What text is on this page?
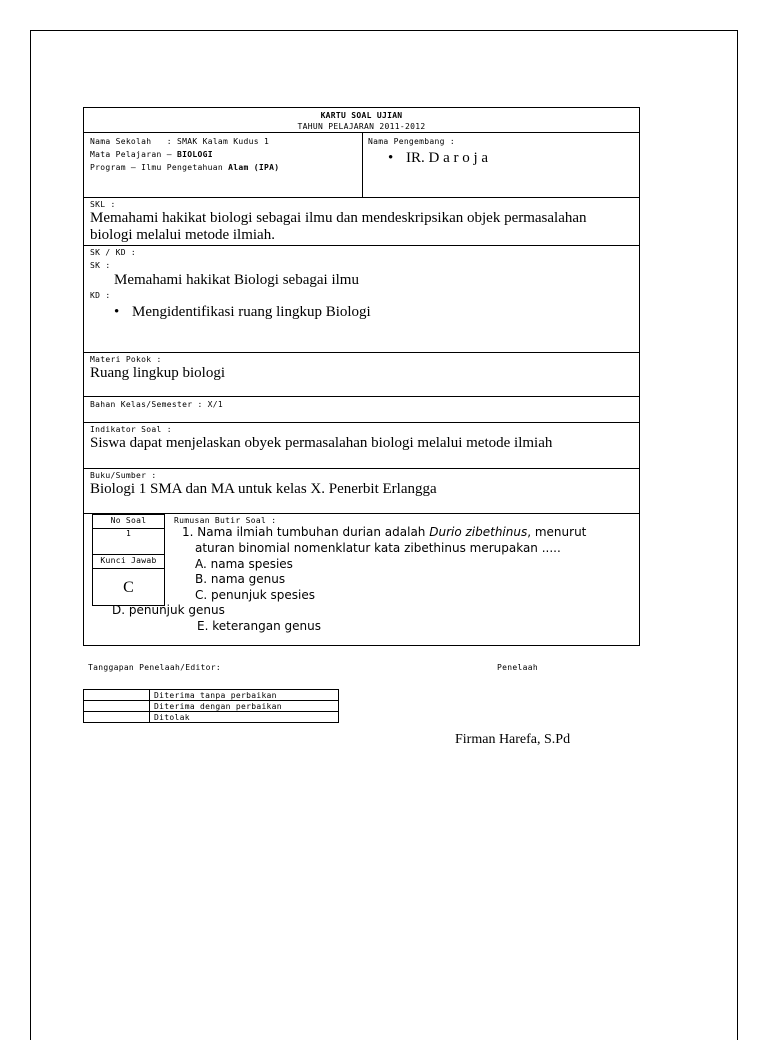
KARTU SOAL UJIAN
TAHUN PELAJARAN 2011-2012
Nama Sekolah : SMAK Kalam Kudus 1
Mata Pelajaran – BIOLOGI
Program – Ilmu Pengetahuan Alam (IPA)
Nama Pengembang :
• IR. D a r o j a
SKL :
Memahami hakikat biologi sebagai ilmu dan mendeskripsikan objek permasalahan
biologi melalui metode ilmiah.
SK / KD :
SK :
Memahami hakikat Biologi sebagai ilmu
KD :
• Mengidentifikasi ruang lingkup Biologi
Materi Pokok :
Ruang lingkup biologi
Bahan Kelas/Semester : X/1
Indikator Soal :
Siswa dapat menjelaskan obyek permasalahan biologi melalui metode ilmiah
Buku/Sumber :
Biologi 1 SMA dan MA untuk kelas X. Penerbit Erlangga
No Soal
1
Kunci Jawab
C
Rumusan Butir Soal :
1. Nama ilmiah tumbuhan durian adalah Durio zibethinus, menurut
aturan binomial nomenklatur kata zibethinus merupakan .....
A. nama spesies
B. nama genus
C. penunjuk spesies
D. penunjuk genus
E. keterangan genus
Tanggapan Penelaah/Editor:	Penelaah
	Diterima tanpa perbaikan
	Diterima dengan perbaikan
	Ditolak
Firman Harefa, S.Pd
